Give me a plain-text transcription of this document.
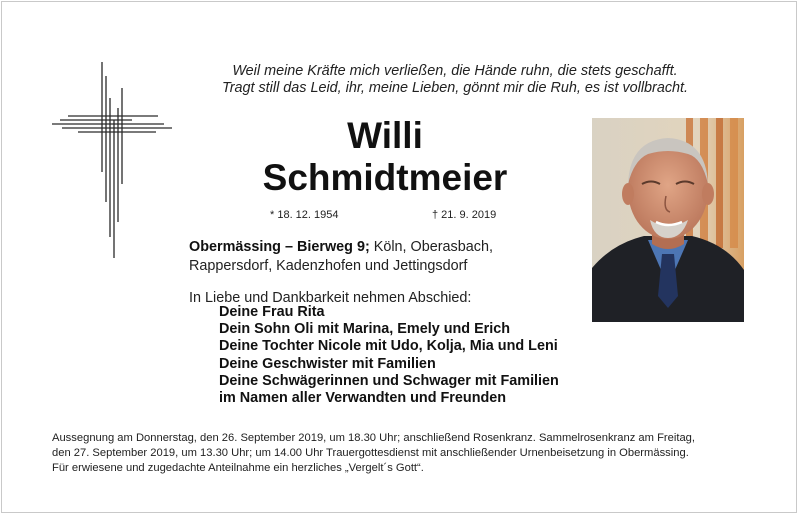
Weil meine Kräfte mich verließen, die Hände ruhn, die stets geschafft.
Tragt still das Leid, ihr, meine Lieben, gönnt mir die Ruh, es ist vollbracht.
Willi
Schmidtmeier
* 18. 12. 1954	† 21. 9. 2019
Obermässing – Bierweg 9; Köln, Oberasbach,
Rappersdorf, Kadenzhofen und Jettingsdorf
In Liebe und Dankbarkeit nehmen Abschied:
Deine Frau Rita
Dein Sohn Oli mit Marina, Emely und Erich
Deine Tochter Nicole mit Udo, Kolja, Mia und Leni
Deine Geschwister mit Familien
Deine Schwägerinnen und Schwager mit Familien
im Namen aller Verwandten und Freunden
Aussegnung am Donnerstag, den 26. September 2019, um 18.30 Uhr; anschließend Rosenkranz. Sammelrosenkranz am Freitag,
den 27. September 2019, um 13.30 Uhr; um 14.00 Uhr Trauergottesdienst mit anschließender Urnenbeisetzung in Obermässing.
Für erwiesene und zugedachte Anteilnahme ein herzliches „Vergelt´s Gott“.
